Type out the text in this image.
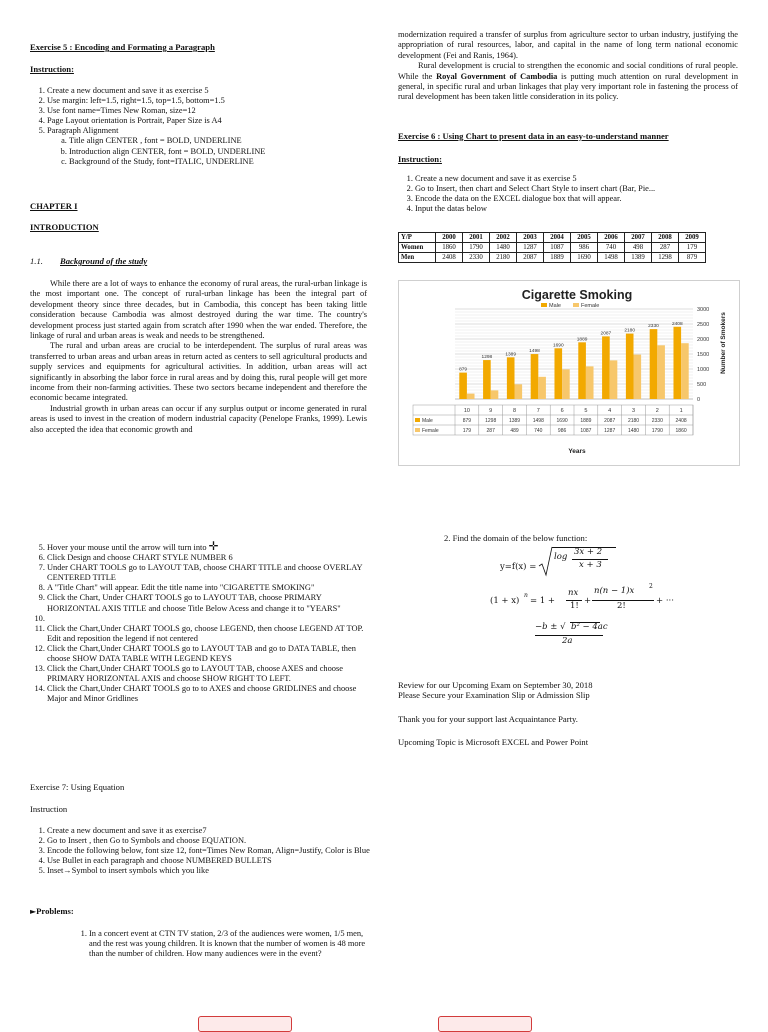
Exercise 5 : Encoding and Formating a Paragraph
Instruction:
1. Create a new document and save it as exercise 5
2. Use margin: left=1.5, right=1.5, top=1.5, bottom=1.5
3. Use font name=Times New Roman, size=12
4. Page Layout orientation is Portrait, Paper Size is A4
5. Paragraph Alignment
a. Title align CENTER , font = BOLD, UNDERLINE
b. Introduction align CENTER, font = BOLD, UNDERLINE
c. Background of the Study, font=ITALIC, UNDERLINE
CHAPTER I
INTRODUCTION
1.1. Background of the study

While there are a lot of ways to enhance the economy of rural areas, the rural-urban linkage is the most important one. The concept of rural-urban linkage has been the integral part of development theory since three decades, but in Cambodia, this concept has been taking little consideration because Cambodia was almost destroyed during the war time. The country's development process just started again from scratch after 1990 when the war ended. Therefore, the linkage of rural and urban areas is weak and needs to be strengthened.

The rural and urban areas are crucial to be interdependent. The surplus of rural areas was transferred to urban areas and urban areas in return acted as centers to sell agricultural products and supply services and equipments for agricultural activities. In addition, urban areas will act significantly in absorbing the labor force in rural areas and by doing this, rural people will get more income from their non-farming activities. These two sectors became independent and therefore the economic became integrated.

Industrial growth in urban areas can occur if any surplus output or income generated in rural areas is used to invest in the creation of modern industrial capacity (Penelope Franks, 1999). Lewis also accepted the idea that economic growth and

modernization required a transfer of surplus from agriculture sector to urban industry, justifying the appropriation of rural resources, labor, and capital in the name of long term national economic development (Fei and Ranis, 1964).

Rural development is crucial to strengthen the economic and social conditions of rural people. While the Royal Government of Cambodia is putting much attention on rural development in general, in specific rural and urban linkages that play very important role in fastening the process of rural development has been taken little consideration in its policy.

Exercise 6 : Using Chart to present data in an easy-to-understand manner
Instruction:
1. Create a new document and save it as exercise 5
2. Go to Insert, then chart and Select Chart Style to insert chart (Bar, Pie...
3. Encode the data on the EXCEL dialogue box that will appear.
4. Input the datas below
Y/P	2000	2001	2002	2003	2004	2005	2006	2007	2008	2009
Women	1860	1790	1480	1287	1087	986	740	498	287	179
Men	2408	2330	2180	2087	1889	1690	1498	1389	1298	879
Cigarette Smoking
Male	Female
879
1298
1389
1498
1690
1889
2087
2180
2330	2408
3000
2500
2000
1500
1000
500
0
Number of Smokers
10	9	8	7	6	5	4	3	2	1
Male	879	1298	1389	1498	1690	1889	2087	2180	2330	2408
Female	179	287	489	740	986	1087	1287	1480	1790	1860
Years
5. Hover your mouse until the arrow will turn into ✛
6. Click Design and choose CHART STYLE NUMBER 6
7. Under CHART TOOLS go to LAYOUT TAB, choose CHART TITLE and choose OVERLAY CENTERED TITLE
8. A "Title Chart" will appear. Edit the title name into "CIGARETTE SMOKING"
9. Click the Chart, Under CHART TOOLS go to LAYOUT TAB, choose PRIMARY HORIZONTAL AXIS TITLE and choose Title Below Acess and change it to "YEARS"
10.
11. Click the Chart,Under CHART TOOLS go, choose LEGEND, then choose LEGEND AT TOP. Edit and reposition the legend if not centered
12. Click the Chart,Under CHART TOOLS go to LAYOUT TAB and go to DATA TABLE, then choose SHOW DATA TABLE WITH LEGEND KEYS
13. Click the Chart,Under CHART TOOLS go to LAYOUT TAB, choose AXES and choose PRIMARY HORIZONTAL AXIS and choose SHOW RIGHT TO LEFT.
14. Click the Chart,Under CHART TOOLS go to to AXES and choose GRIDLINES and choose Major and Minor Gridlines
Exercise 7: Using Equation
Instruction
1. Create a new document and save it as exercise7
2. Go to Insert , then Go to Symbols and choose EQUATION.
3. Encode the following below, font size 12, font=Times New Roman, Align=Justify, Color is Blue
4. Use Bullet in each paragraph and choose NUMBERED BULLETS
5. Inset→Symbol to insert symbols which you like
►Problems:
1. In a concert event at CTN TV station, 2/3 of the audiences were women, 1/5 men, and the rest was young children. It is known that the number of women is 48 more than the number of children. How many audiences were in the event?
2. Find the domain of the below function:
y=f(x) =
log 3x + 2
x + 3
(1 + x)
n
= 1 +
nx
1! +
n(n − 1)x 2
2!	+ ···
−b ± √ b² − 4ac
2a
Review for our Upcoming Exam on September 30, 2018
Please Secure your Examination Slip or Admission Slip
Thank you for your support last Acquaintance Party.
Upcoming Topic is Microsoft EXCEL and Power Point
